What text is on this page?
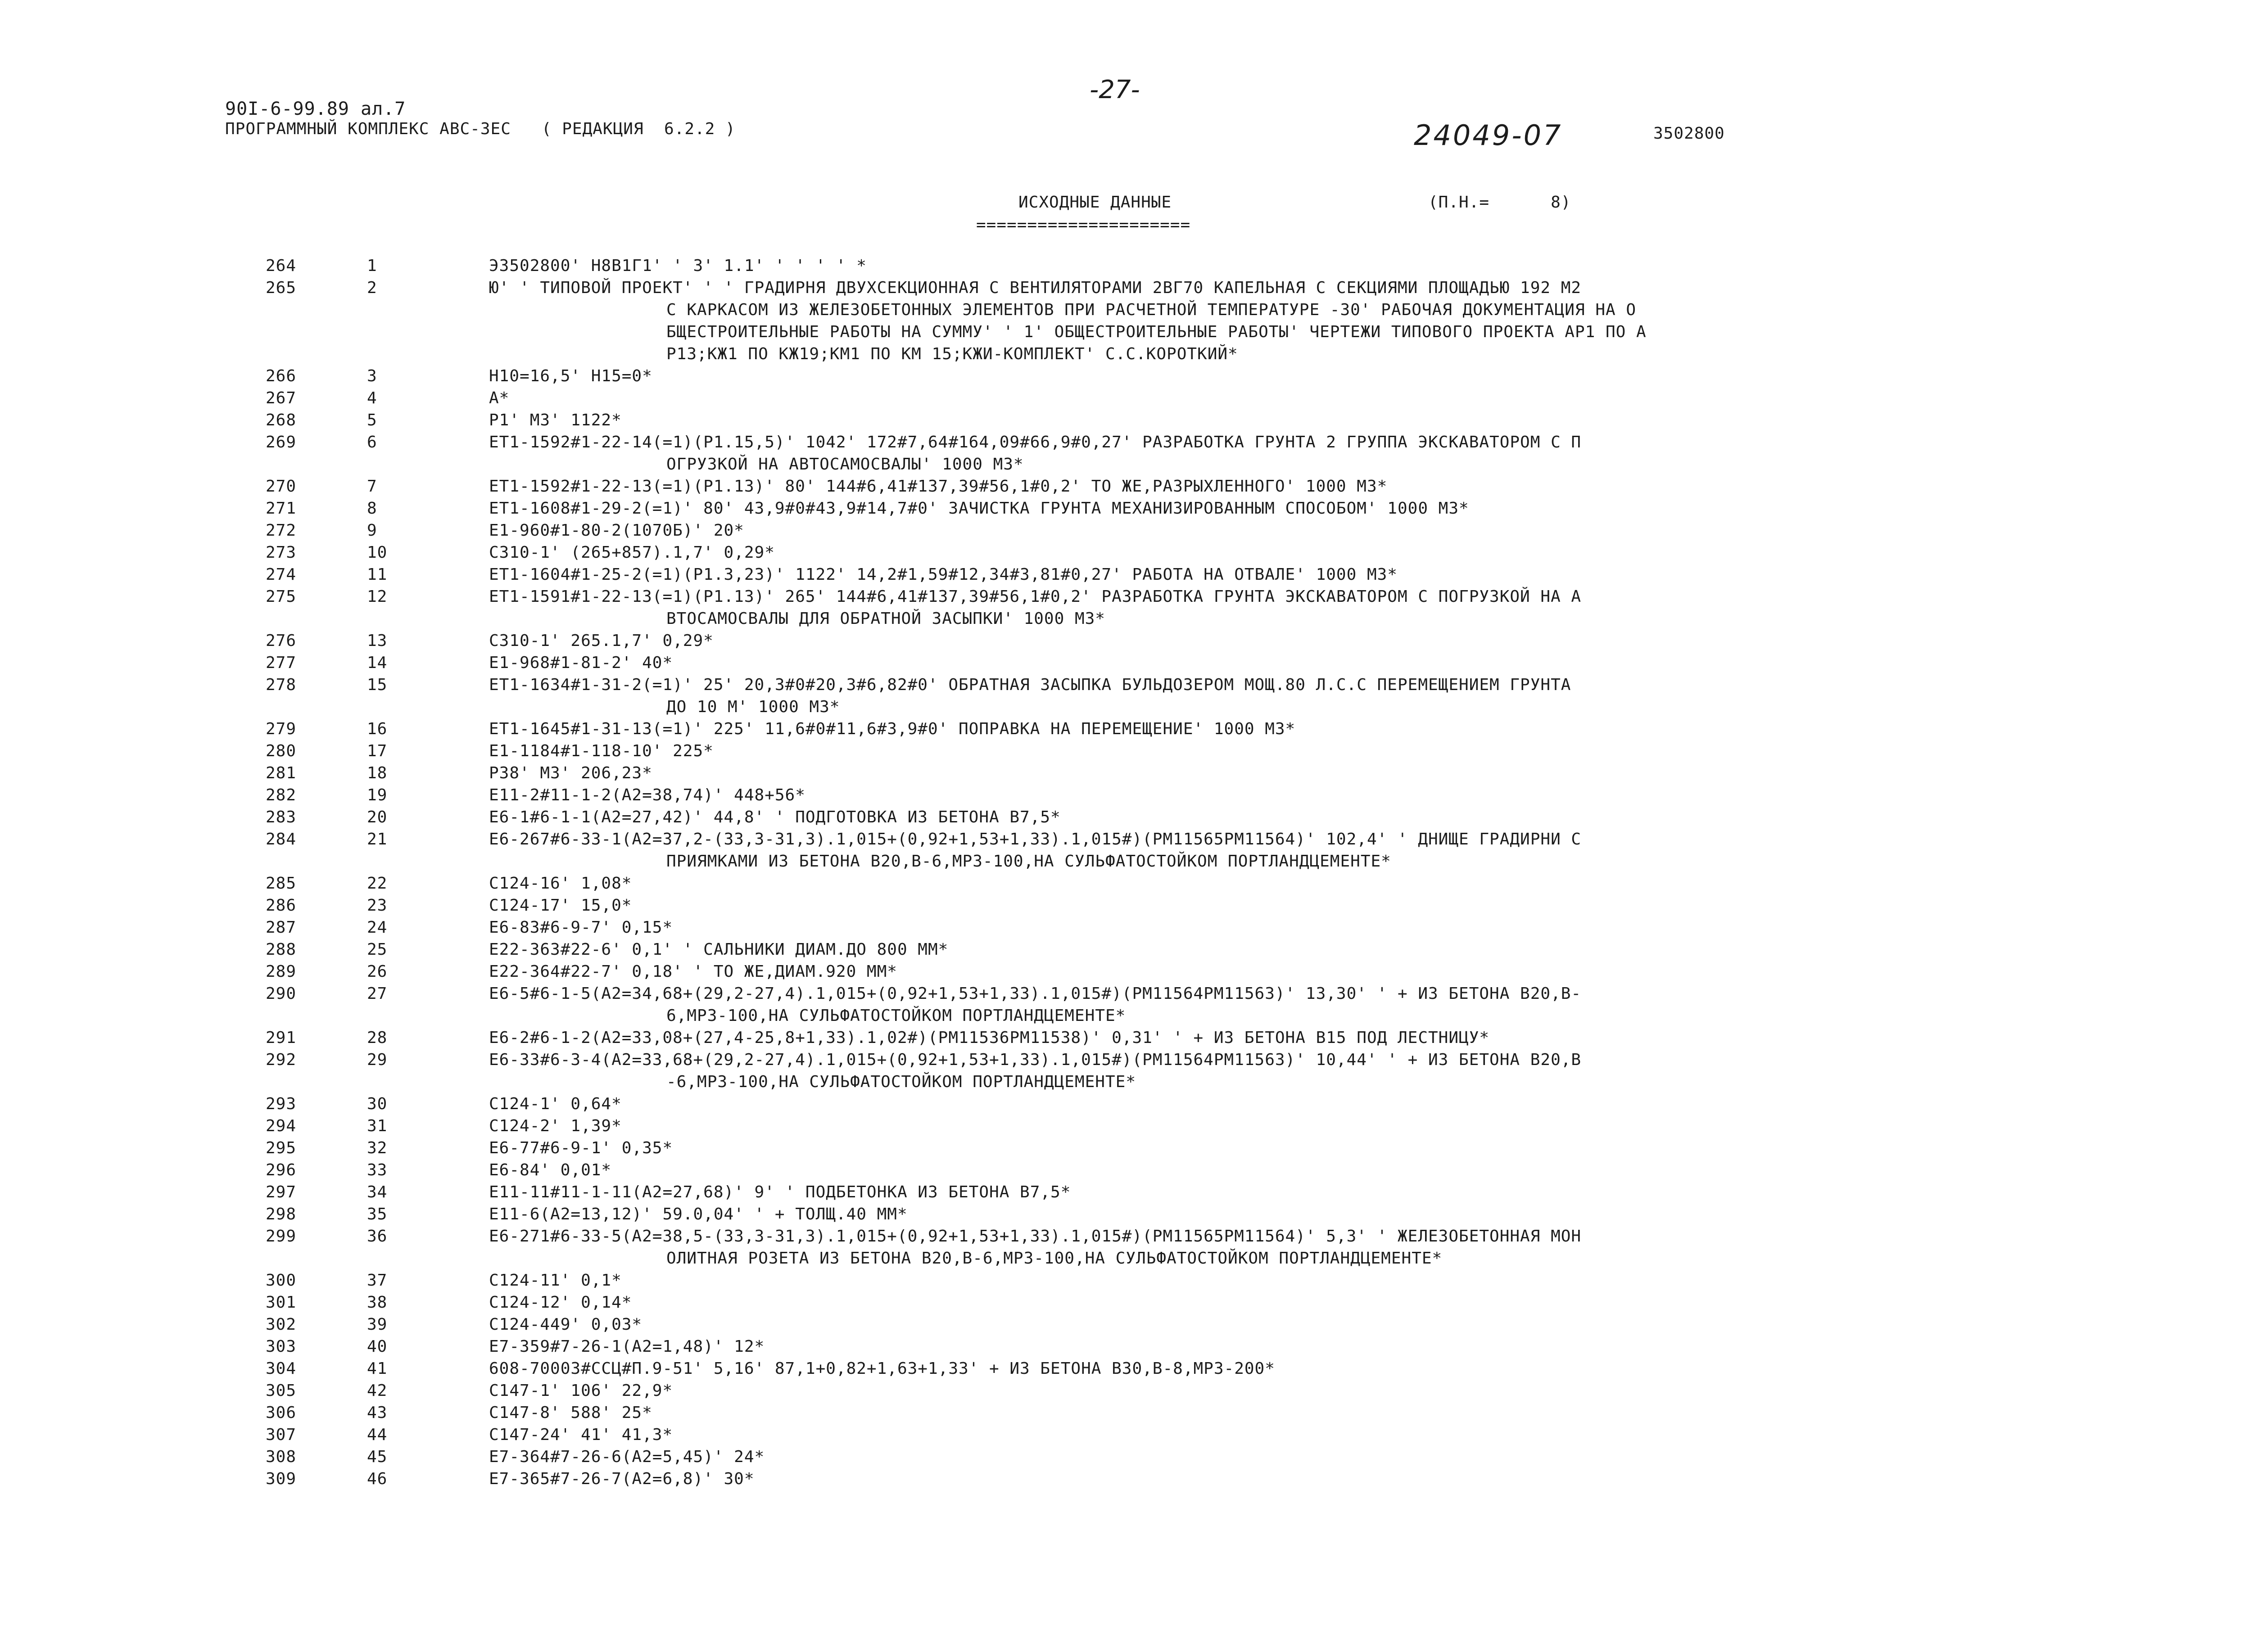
90I-6-99.89 ал.7
ПРОГРАММНЫЙ КОМПЛЕКС АВС-3ЕС   ( РЕДАКЦИЯ  6.2.2 )
-27-
24049-07	3502800
ИСХОДНЫЕ ДАННЫЕ
=====================
(П.Н.=      8)
264	1	Э3502800' Н8В1Г1' ' 3' 1.1' ' ' ' ' *
265	2	Ю' ' ТИПОВОЙ ПРОЕКТ' ' ' ГРАДИРНЯ ДВУХСЕКЦИОННАЯ С ВЕНТИЛЯТОРАМИ 2ВГ70 КАПЕЛЬНАЯ С СЕКЦИЯМИ ПЛОЩАДЬЮ 192 М2
С КАРКАСОМ ИЗ ЖЕЛЕЗОБЕТОННЫХ ЭЛЕМЕНТОВ ПРИ РАСЧЕТНОЙ ТЕМПЕРАТУРЕ -30' РАБОЧАЯ ДОКУМЕНТАЦИЯ НА О
БЩЕСТРОИТЕЛЬНЫЕ РАБОТЫ НА СУММУ' ' 1' ОБЩЕСТРОИТЕЛЬНЫЕ РАБОТЫ' ЧЕРТЕЖИ ТИПОВОГО ПРОЕКТА АР1 ПО А
Р13;КЖ1 ПО КЖ19;КМ1 ПО КМ 15;КЖИ-КОМПЛЕКТ' С.С.КОРОТКИЙ*
266	3	Н10=16,5' Н15=0*
267	4	А*
268	5	Р1' М3' 1122*
269	6	ЕТ1-1592#1-22-14(=1)(Р1.15,5)' 1042' 172#7,64#164,09#66,9#0,27' РАЗРАБОТКА ГРУНТА 2 ГРУППА ЭКСКАВАТОРОМ С П
ОГРУЗКОЙ НА АВТОСАМОСВАЛЫ' 1000 М3*
270	7	ЕТ1-1592#1-22-13(=1)(Р1.13)' 80' 144#6,41#137,39#56,1#0,2' ТО ЖЕ,РАЗРЫХЛЕННОГО' 1000 М3*
271	8	ЕТ1-1608#1-29-2(=1)' 80' 43,9#0#43,9#14,7#0' ЗАЧИСТКА ГРУНТА МЕХАНИЗИРОВАННЫМ СПОСОБОМ' 1000 М3*
272	9	Е1-960#1-80-2(1070Б)' 20*
273	10	С310-1' (265+857).1,7' 0,29*
274	11	ЕТ1-1604#1-25-2(=1)(Р1.3,23)' 1122' 14,2#1,59#12,34#3,81#0,27' РАБОТА НА ОТВАЛЕ' 1000 М3*
275	12	ЕТ1-1591#1-22-13(=1)(Р1.13)' 265' 144#6,41#137,39#56,1#0,2' РАЗРАБОТКА ГРУНТА ЭКСКАВАТОРОМ С ПОГРУЗКОЙ НА А
ВТОСАМОСВАЛЫ ДЛЯ ОБРАТНОЙ ЗАСЫПКИ' 1000 М3*
276	13	С310-1' 265.1,7' 0,29*
277	14	Е1-968#1-81-2' 40*
278	15	ЕТ1-1634#1-31-2(=1)' 25' 20,3#0#20,3#6,82#0' ОБРАТНАЯ ЗАСЫПКА БУЛЬДОЗЕРОМ МОЩ.80 Л.С.С ПЕРЕМЕЩЕНИЕМ ГРУНТА
ДО 10 М' 1000 М3*
279	16	ЕТ1-1645#1-31-13(=1)' 225' 11,6#0#11,6#3,9#0' ПОПРАВКА НА ПЕРЕМЕЩЕНИЕ' 1000 М3*
280	17	Е1-1184#1-118-10' 225*
281	18	Р38' М3' 206,23*
282	19	Е11-2#11-1-2(А2=38,74)' 448+56*
283	20	Е6-1#6-1-1(А2=27,42)' 44,8' ' ПОДГОТОВКА ИЗ БЕТОНА В7,5*
284	21	Е6-267#6-33-1(А2=37,2-(33,3-31,3).1,015+(0,92+1,53+1,33).1,015#)(РМ11565РМ11564)' 102,4' ' ДНИЩЕ ГРАДИРНИ С
ПРИЯМКАМИ ИЗ БЕТОНА В20,В-6,МРЗ-100,НА СУЛЬФАТОСТОЙКОМ ПОРТЛАНДЦЕМЕНТЕ*
285	22	С124-16' 1,08*
286	23	С124-17' 15,0*
287	24	Е6-83#6-9-7' 0,15*
288	25	Е22-363#22-6' 0,1' ' САЛЬНИКИ ДИАМ.ДО 800 ММ*
289	26	Е22-364#22-7' 0,18' ' ТО ЖЕ,ДИАМ.920 ММ*
290	27	Е6-5#6-1-5(А2=34,68+(29,2-27,4).1,015+(0,92+1,53+1,33).1,015#)(РМ11564РМ11563)' 13,30' ' + ИЗ БЕТОНА В20,В-
6,МРЗ-100,НА СУЛЬФАТОСТОЙКОМ ПОРТЛАНДЦЕМЕНТЕ*
291	28	Е6-2#6-1-2(А2=33,08+(27,4-25,8+1,33).1,02#)(РМ11536РМ11538)' 0,31' ' + ИЗ БЕТОНА В15 ПОД ЛЕСТНИЦУ*
292	29	Е6-33#6-3-4(А2=33,68+(29,2-27,4).1,015+(0,92+1,53+1,33).1,015#)(РМ11564РМ11563)' 10,44' ' + ИЗ БЕТОНА В20,В
-6,МРЗ-100,НА СУЛЬФАТОСТОЙКОМ ПОРТЛАНДЦЕМЕНТЕ*
293	30	С124-1' 0,64*
294	31	С124-2' 1,39*
295	32	Е6-77#6-9-1' 0,35*
296	33	Е6-84' 0,01*
297	34	Е11-11#11-1-11(А2=27,68)' 9' ' ПОДБЕТОНКА ИЗ БЕТОНА В7,5*
298	35	Е11-6(А2=13,12)' 59.0,04' ' + ТОЛЩ.40 ММ*
299	36	Е6-271#6-33-5(А2=38,5-(33,3-31,3).1,015+(0,92+1,53+1,33).1,015#)(РМ11565РМ11564)' 5,3' ' ЖЕЛЕЗОБЕТОННАЯ МОН
ОЛИТНАЯ РОЗЕТА ИЗ БЕТОНА В20,В-6,МРЗ-100,НА СУЛЬФАТОСТОЙКОМ ПОРТЛАНДЦЕМЕНТЕ*
300	37	С124-11' 0,1*
301	38	С124-12' 0,14*
302	39	С124-449' 0,03*
303	40	Е7-359#7-26-1(А2=1,48)' 12*
304	41	608-70003#ССЦ#П.9-51' 5,16' 87,1+0,82+1,63+1,33' + ИЗ БЕТОНА В30,В-8,МРЗ-200*
305	42	С147-1' 106' 22,9*
306	43	С147-8' 588' 25*
307	44	С147-24' 41' 41,3*
308	45	Е7-364#7-26-6(А2=5,45)' 24*
309	46	Е7-365#7-26-7(А2=6,8)' 30*
